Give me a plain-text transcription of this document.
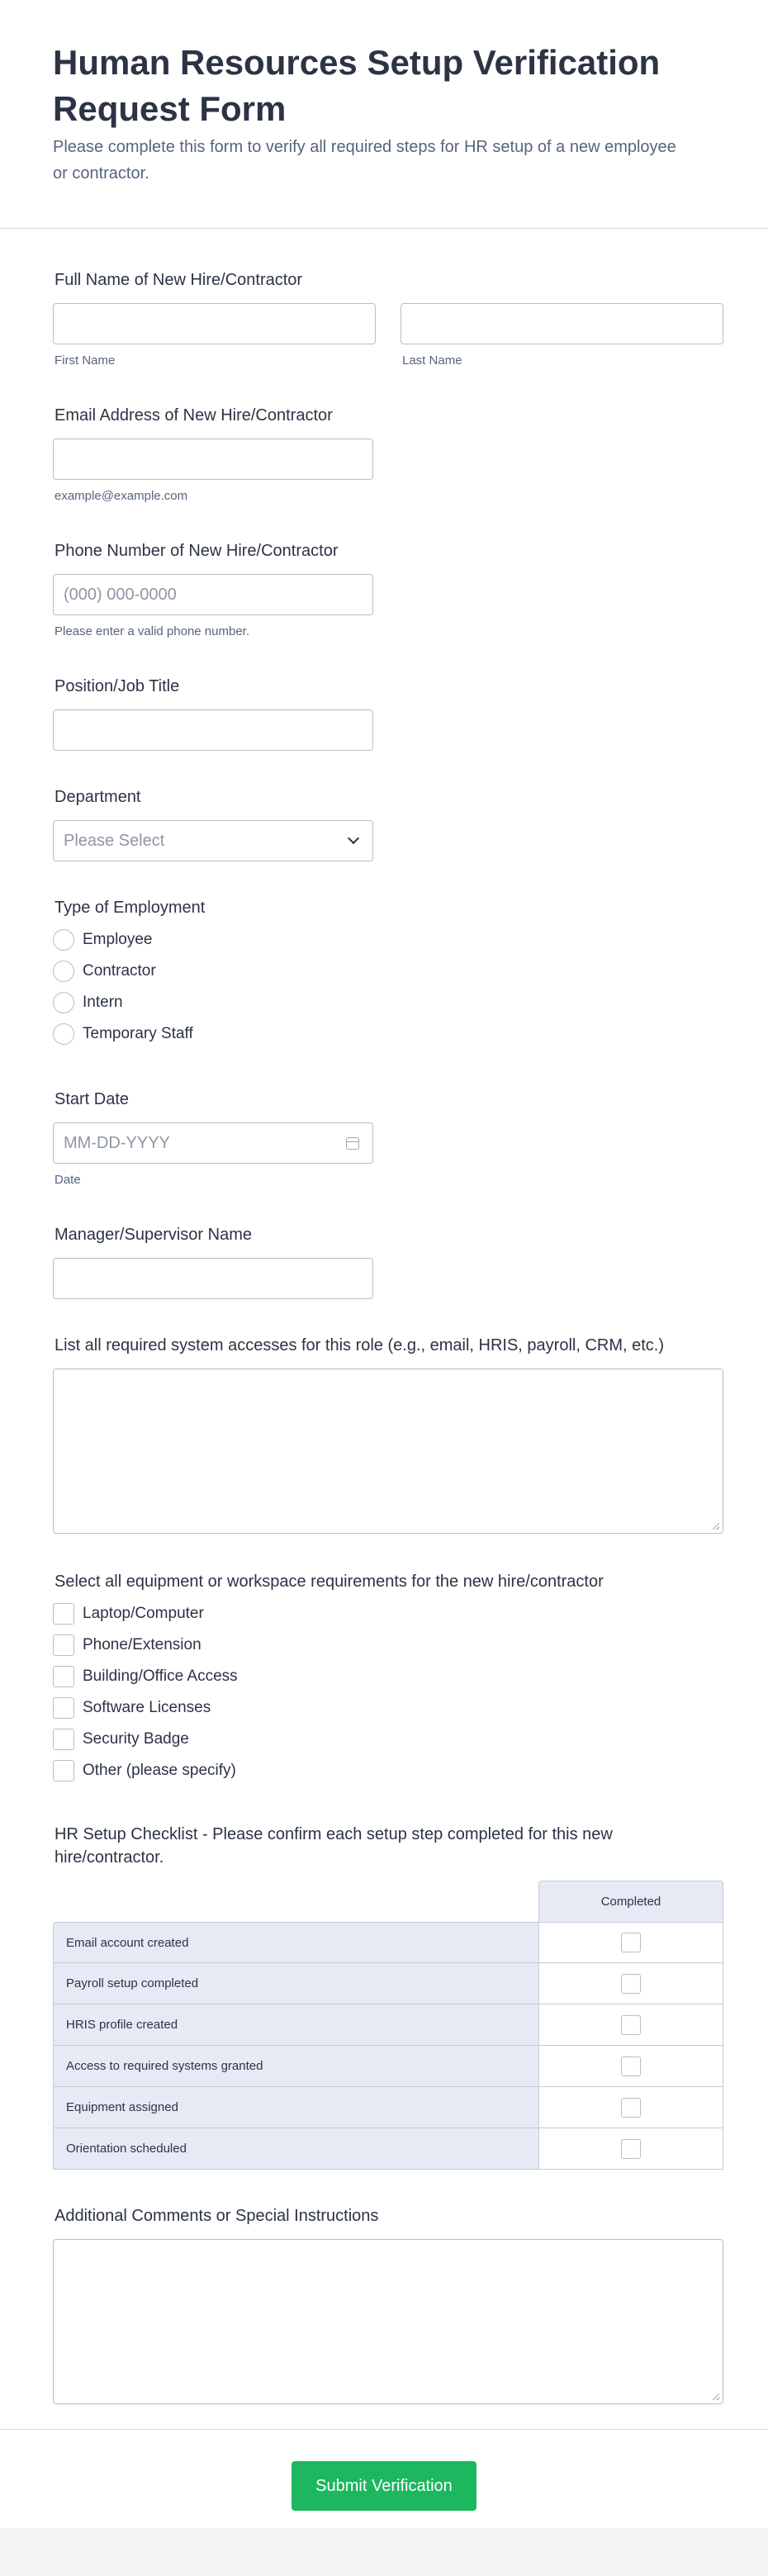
Human Resources Setup Verification Request Form

Please complete this form to verify all required steps for HR setup of a new employee or contractor.

Full Name of New Hire/Contractor
First Name	Last Name
Email Address of New Hire/Contractor
example@example.com
Phone Number of New Hire/Contractor
(000) 000-0000
Please enter a valid phone number.
Position/Job Title
Department
Please Select
Type of Employment
Employee
Contractor
Intern
Temporary Staff
Start Date
MM-DD-YYYY
Date
Manager/Supervisor Name
List all required system accesses for this role (e.g., email, HRIS, payroll, CRM, etc.)
Select all equipment or workspace requirements for the new hire/contractor
Laptop/Computer
Phone/Extension
Building/Office Access
Software Licenses
Security Badge
Other (please specify)
HR Setup Checklist - Please confirm each setup step completed for this new hire/contractor.
	Completed
Email account created	
Payroll setup completed	
HRIS profile created	
Access to required systems granted	
Equipment assigned	
Orientation scheduled	
Additional Comments or Special Instructions
Submit Verification
